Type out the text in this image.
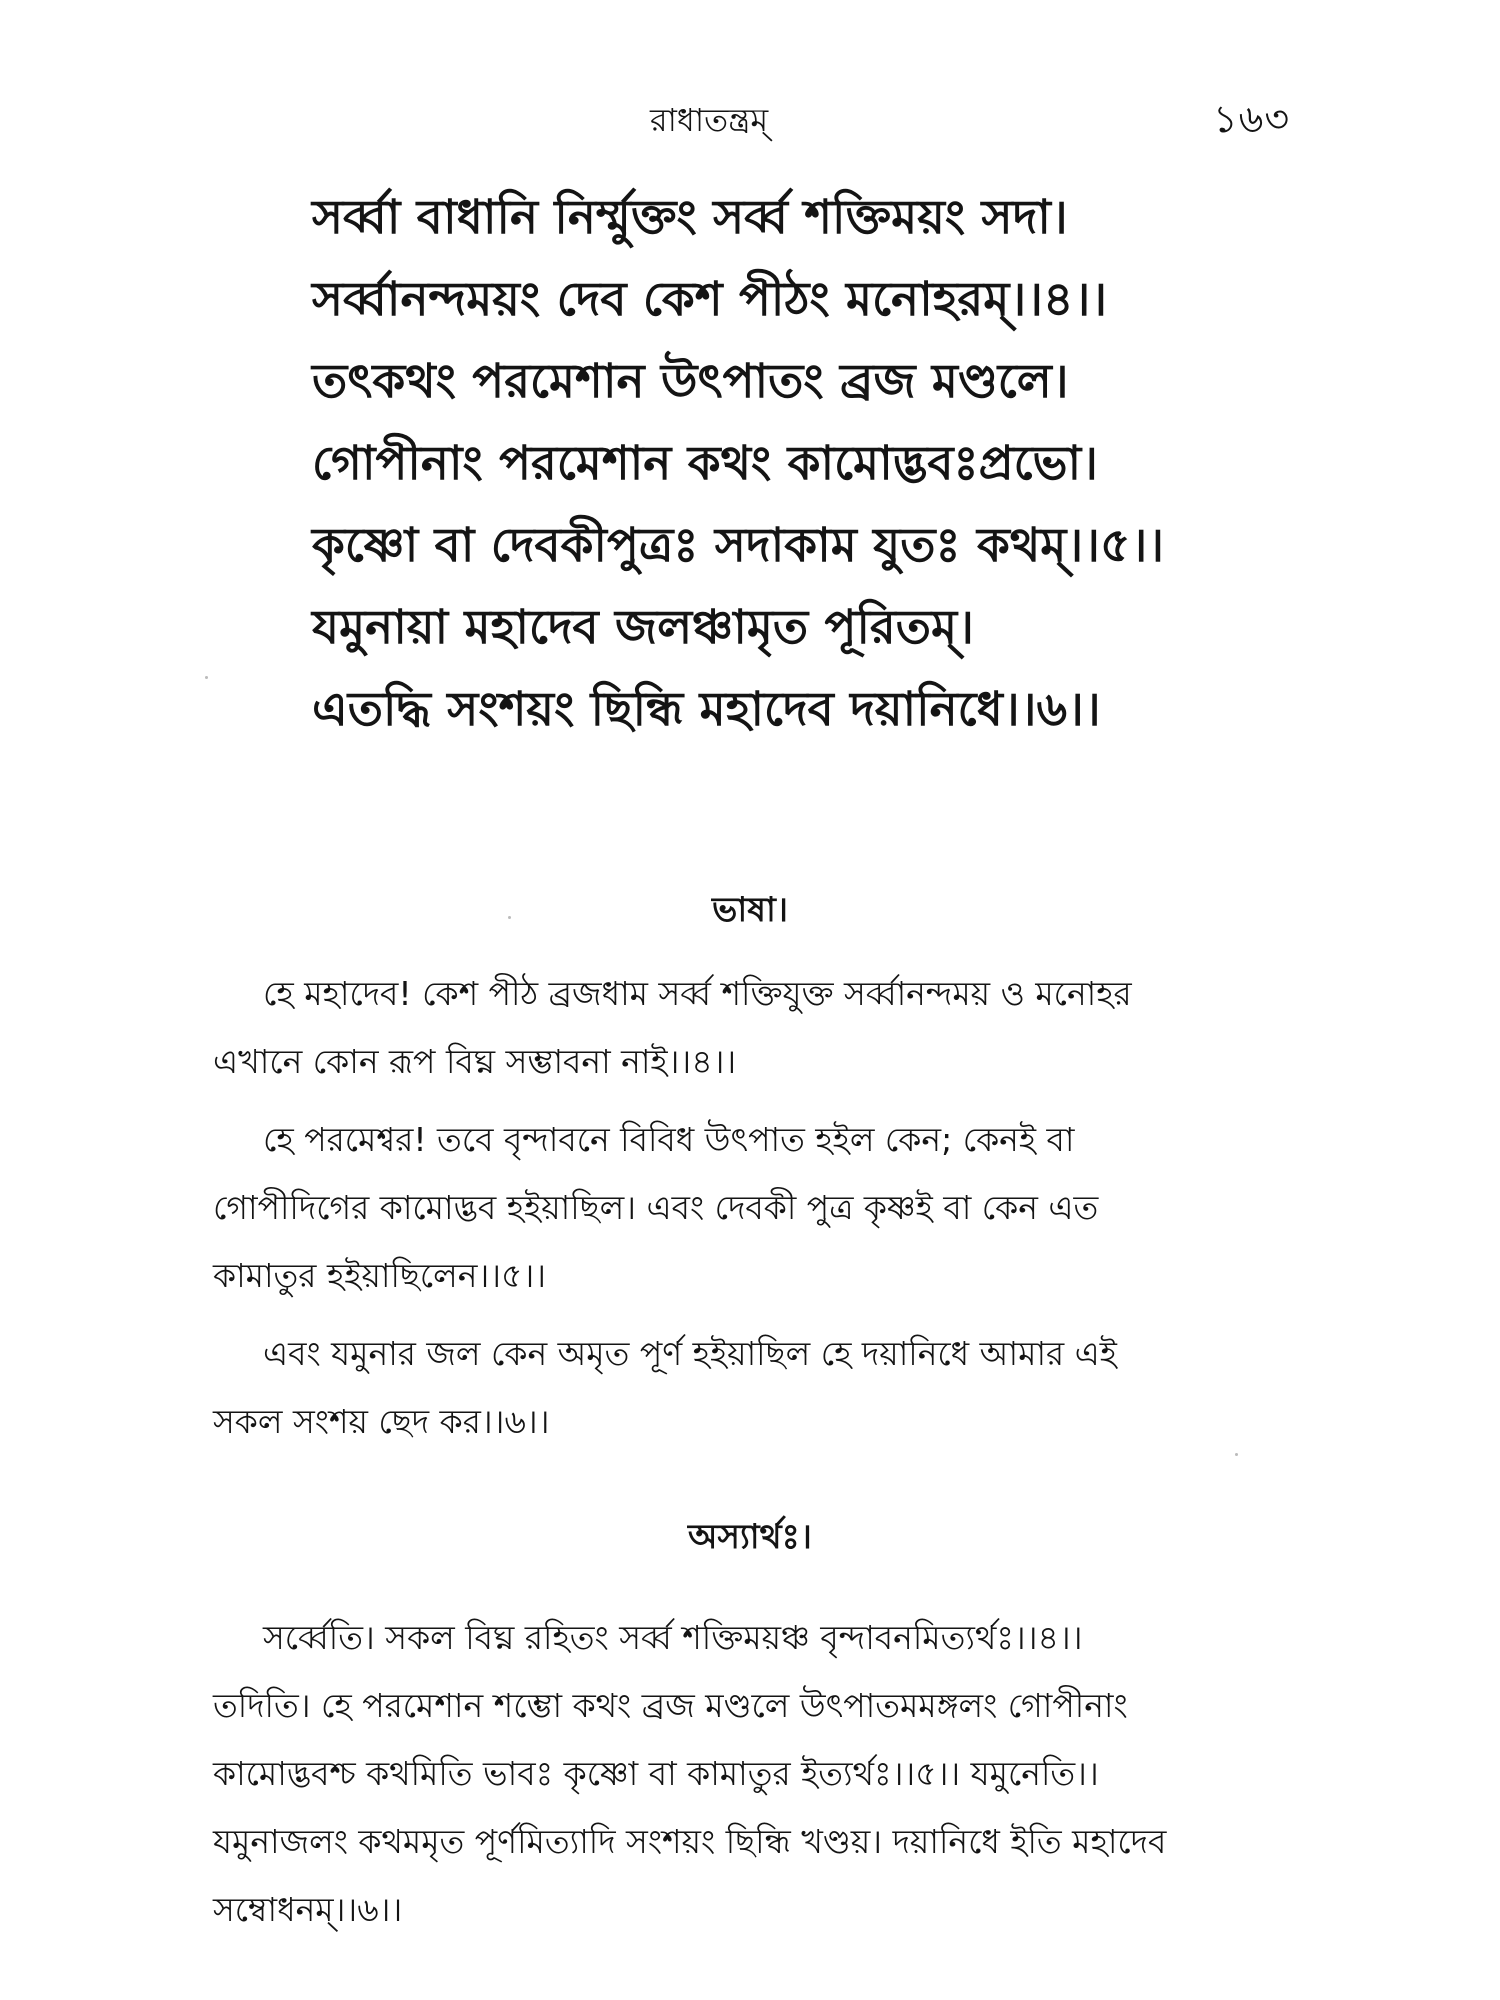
রাধাতন্ত্রম্	১৬৩
সর্ব্বা বাধানি নির্ম্মুক্তং সর্ব্ব শক্তিময়ং সদা।
সর্ব্বানন্দময়ং দেব কেশ পীঠং মনোহরম্।।৪।।
তৎকথং পরমেশান উৎপাতং ব্রজ মণ্ডলে।
গোপীনাং পরমেশান কথং কামোদ্ভবঃপ্রভো।
কৃষ্ণো বা দেবকীপুত্রঃ সদাকাম যুতঃ কথম্।।৫।।
যমুনায়া মহাদেব জলঞ্চামৃত পূরিতম্।
এতদ্ধি সংশয়ং ছিন্ধি মহাদেব দয়ানিধে।।৬।।
ভাষা।
হে মহাদেব! কেশ পীঠ ব্রজধাম সর্ব্ব শক্তিযুক্ত সর্ব্বানন্দময় ও মনোহর
এখানে কোন রূপ বিঘ্ন সম্ভাবনা নাই।।৪।।
হে পরমেশ্বর! তবে বৃন্দাবনে বিবিধ উৎপাত হইল কেন; কেনই বা
গোপীদিগের কামোদ্ভব হইয়াছিল। এবং দেবকী পুত্র কৃষ্ণই বা কেন এত
কামাতুর হইয়াছিলেন।।৫।।
এবং যমুনার জল কেন অমৃত পূর্ণ হইয়াছিল হে দয়ানিধে আমার এই
সকল সংশয় ছেদ কর।।৬।।
অস্যার্থঃ।
সর্ব্বেতি। সকল বিঘ্ন রহিতং সর্ব্ব শক্তিময়ঞ্চ বৃন্দাবনমিত্যর্থঃ।।৪।।
তদিতি। হে পরমেশান শম্ভো কথং ব্রজ মণ্ডলে উৎপাতমমঙ্গলং গোপীনাং
কামোদ্ভবশ্চ কথমিতি ভাবঃ কৃষ্ণো বা কামাতুর ইত্যর্থঃ।।৫।। যমুনেতি।।
যমুনাজলং কথমমৃত পূর্ণমিত্যাদি সংশয়ং ছিন্ধি খণ্ডয়। দয়ানিধে ইতি মহাদেব
সম্বোধনম্।।৬।।
